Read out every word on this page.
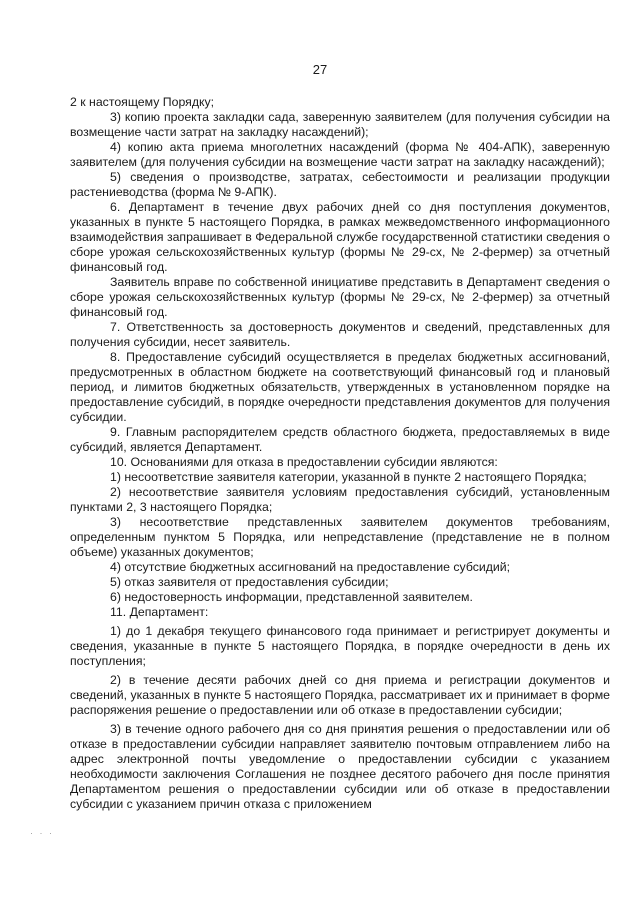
27

2 к настоящему Порядку;

3) копию проекта закладки сада, заверенную заявителем (для получения субсидии на возмещение части затрат на закладку насаждений);

4) копию акта приема многолетних насаждений (форма № 404-АПК), заверенную заявителем (для получения субсидии на возмещение части затрат на закладку насаждений);

5) сведения о производстве, затратах, себестоимости и реализации продукции растениеводства (форма № 9-АПК).

6. Департамент в течение двух рабочих дней со дня поступления документов, указанных в пункте 5 настоящего Порядка, в рамках межведомственного информационного взаимодействия запрашивает в Федеральной службе государственной статистики сведения о сборе урожая сельскохозяйственных культур (формы № 29-сх, № 2-фермер) за отчетный финансовый год.

Заявитель вправе по собственной инициативе представить в Департамент сведения о сборе урожая сельскохозяйственных культур (формы № 29-сх, № 2-фермер) за отчетный финансовый год.

7. Ответственность за достоверность документов и сведений, представленных для получения субсидии, несет заявитель.

8. Предоставление субсидий осуществляется в пределах бюджетных ассигнований, предусмотренных в областном бюджете на соответствующий финансовый год и плановый период, и лимитов бюджетных обязательств, утвержденных в установленном порядке на предоставление субсидий, в порядке очередности представления документов для получения субсидии.

9. Главным распорядителем средств областного бюджета, предоставляемых в виде субсидий, является Департамент.

10. Основаниями для отказа в предоставлении субсидии являются:

1) несоответствие заявителя категории, указанной в пункте 2 настоящего Порядка;

2) несоответствие заявителя условиям предоставления субсидий, установленным пунктами 2, 3 настоящего Порядка;

3) несоответствие представленных заявителем документов требованиям, определенным пунктом 5 Порядка, или непредставление (представление не в полном объеме) указанных документов;

4) отсутствие бюджетных ассигнований на предоставление субсидий;

5) отказ заявителя от предоставления субсидии;

6) недостоверность информации, представленной заявителем.

11. Департамент:

1) до 1 декабря текущего финансового года принимает и регистрирует документы и сведения, указанные в пункте 5 настоящего Порядка, в порядке очередности в день их поступления;

2) в течение десяти рабочих дней со дня приема и регистрации документов и сведений, указанных в пункте 5 настоящего Порядка, рассматривает их и принимает в форме распоряжения решение о предоставлении или об отказе в предоставлении субсидии;

3) в течение одного рабочего дня со дня принятия решения о предоставлении или об отказе в предоставлении субсидии направляет заявителю почтовым отправлением либо на адрес электронной почты уведомление о предоставлении субсидии с указанием необходимости заключения Соглашения не позднее десятого рабочего дня после принятия Департаментом решения о предоставлении субсидии или об отказе в предоставлении субсидии с указанием причин отказа с приложением

· · ·
